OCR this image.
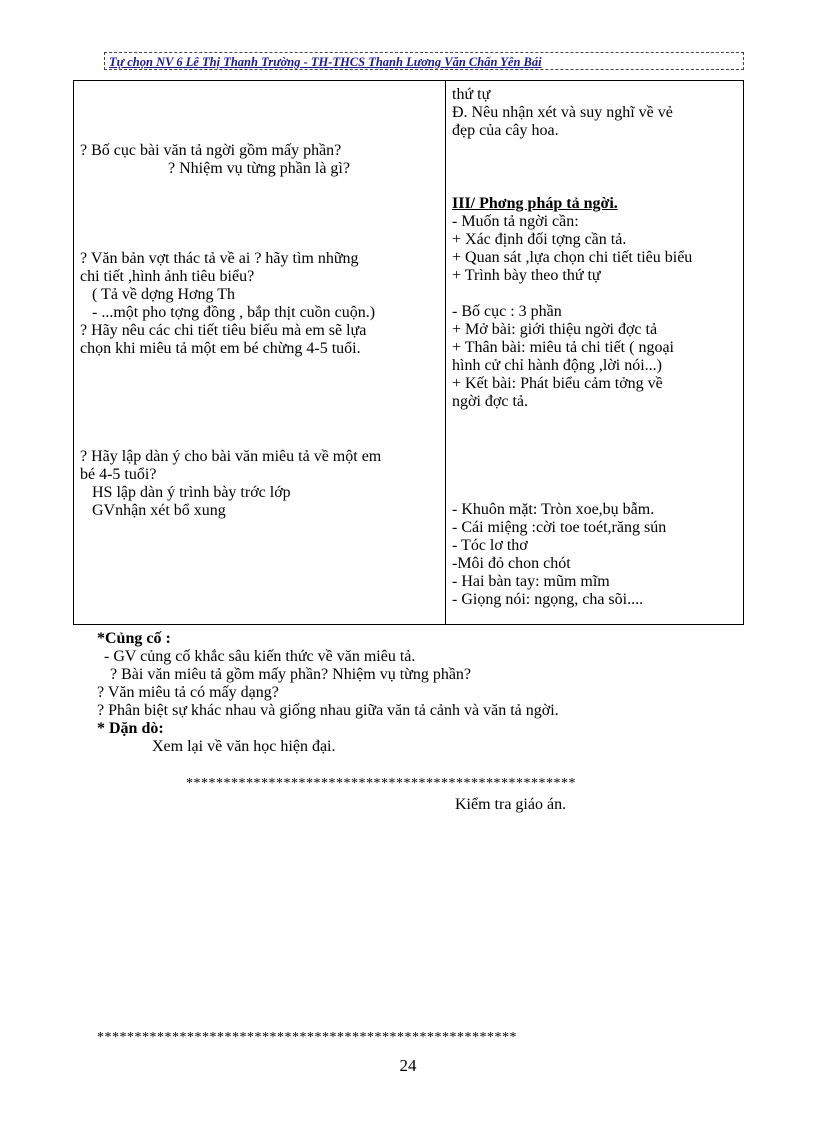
Tự chọn NV 6 Lê Thị Thanh Trường - TH-THCS Thanh Lương Văn Chấn Yên Bái
thứ tự
Đ. Nêu nhận xét và suy nghĩ về vẻ
đẹp của cây hoa.
? Bố cục bài văn tả ngời gồm mấy phần?
? Nhiệm vụ từng phần là gì?
III/ Phơng pháp tả ngời.
- Muốn tả ngời cần:
+ Xác định đối tợng cần tả.
+ Quan sát ,lựa chọn chi tiết tiêu biểu
+ Trình bày theo thứ tự
? Văn bản vợt thác tả về ai ? hãy tìm những
chi tiết ,hình ảnh tiêu biểu?
( Tả về dợng Hơng Th
- ...một pho tợng đồng , bắp thịt cuồn cuộn.)
? Hãy nêu các chi tiết tiêu biểu mà em sẽ lựa
chọn khi miêu tả một em bé chừng 4-5 tuổi.
- Bố cục : 3 phần
+ Mở bài: giới thiệu ngời đợc tả
+ Thân bài: miêu tả chi tiết ( ngoại
hình cử chỉ hành động ,lời nói...)
+ Kết bài: Phát biểu cảm tởng về
ngời đợc tả.
? Hãy lập dàn ý cho bài văn miêu tả về một em
bé 4-5 tuổi?
HS lập dàn ý trình bày trớc lớp
GVnhận xét bổ xung	- Khuôn mặt: Tròn xoe,bụ bẫm.
- Cái miệng :cời toe toét,răng sún
- Tóc lơ thơ
-Môi đỏ chon chót
- Hai bàn tay: mũm mĩm
- Giọng nói: ngọng, cha sõi....
*Củng cố :
- GV củng cố khắc sâu kiến thức về văn miêu tả.
? Bài văn miêu tả gồm mấy phần? Nhiệm vụ từng phần?
? Văn miêu tả có mấy dạng?
? Phân biệt sự khác nhau và giống nhau giữa văn tả cảnh và văn tả ngời.
* Dặn dò:
Xem lại về văn học hiện đại.
****************************************************
Kiểm tra giáo án.
********************************************************
24
